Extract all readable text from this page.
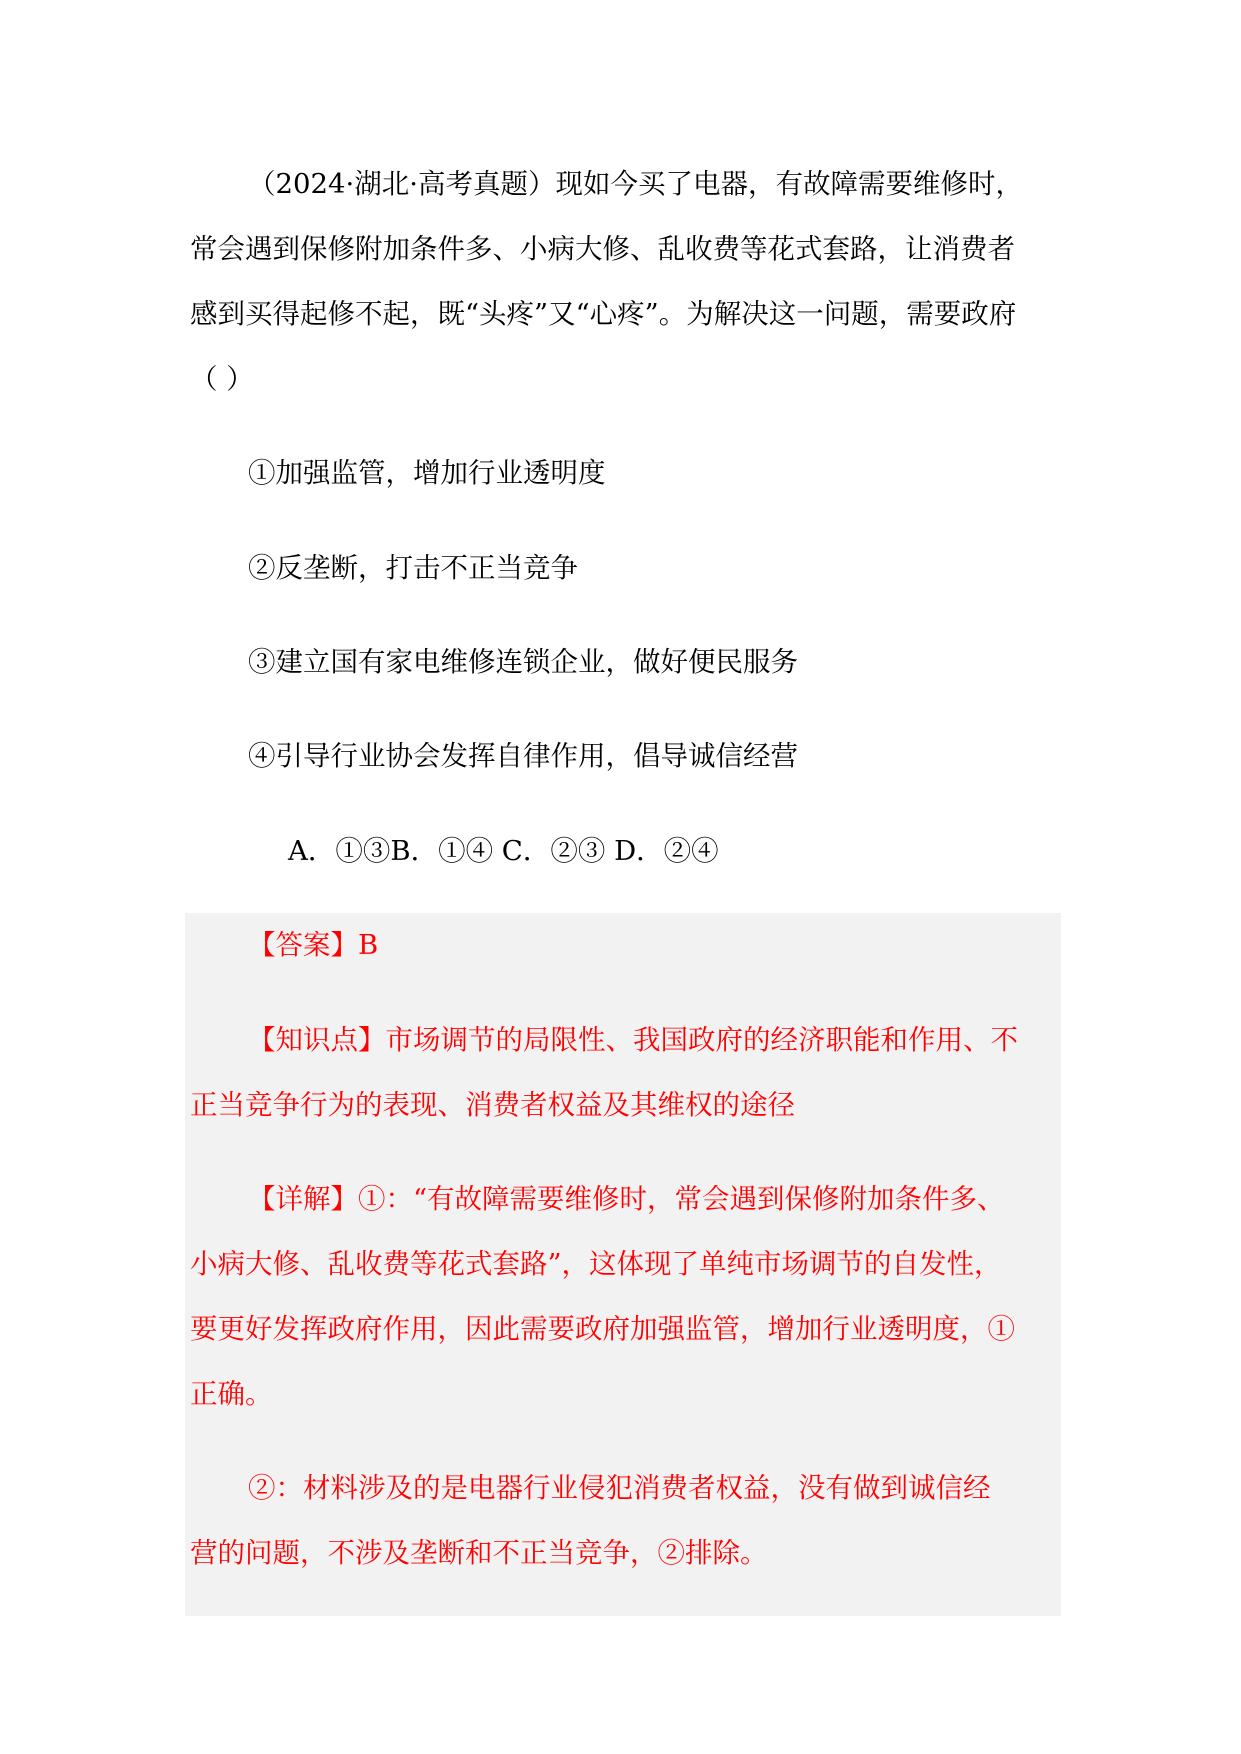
（2024·湖北·高考真题）现如今买了电器，有故障需要维修时，
常会遇到保修附加条件多、小病大修、乱收费等花式套路，让消费者
感到买得起修不起，既“头疼”又“心疼”。为解决这一问题，需要政府
（ ）
①加强监管，增加行业透明度
②反垄断，打击不正当竞争
③建立国有家电维修连锁企业，做好便民服务
④引导行业协会发挥自律作用，倡导诚信经营
A．①③B．①④ C．②③ D．②④
【答案】B
【知识点】市场调节的局限性、我国政府的经济职能和作用、不
正当竞争行为的表现、消费者权益及其维权的途径
【详解】①：“有故障需要维修时，常会遇到保修附加条件多、
小病大修、乱收费等花式套路”，这体现了单纯市场调节的自发性，
要更好发挥政府作用，因此需要政府加强监管，增加行业透明度，①
正确。
②：材料涉及的是电器行业侵犯消费者权益，没有做到诚信经
营的问题，不涉及垄断和不正当竞争，②排除。
